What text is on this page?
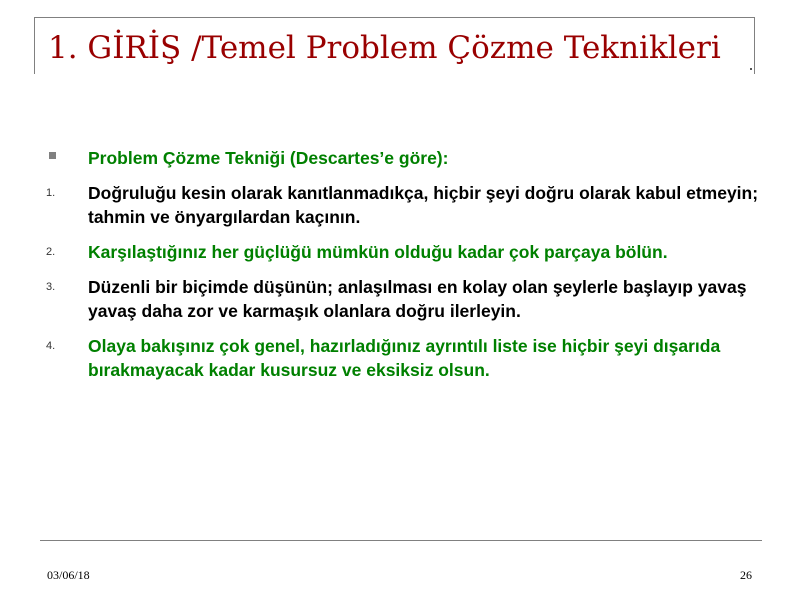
1. GİRİŞ /Temel Problem Çözme Teknikleri
Problem Çözme Tekniği (Descartes’e göre):
1. Doğruluğu kesin olarak kanıtlanmadıkça, hiçbir şeyi doğru olarak kabul etmeyin; tahmin ve önyargılardan kaçının.
2. Karşılaştığınız her güçlüğü mümkün olduğu kadar çok parçaya bölün.
3. Düzenli bir biçimde düşünün; anlaşılması en kolay olan şeylerle başlayıp yavaş yavaş daha zor ve karmaşık olanlara doğru ilerleyin.
4. Olaya bakışınız çok genel, hazırladığınız ayrıntılı liste ise hiçbir şeyi dışarıda bırakmayacak kadar kusursuz ve eksiksiz olsun.
03/06/18	26
